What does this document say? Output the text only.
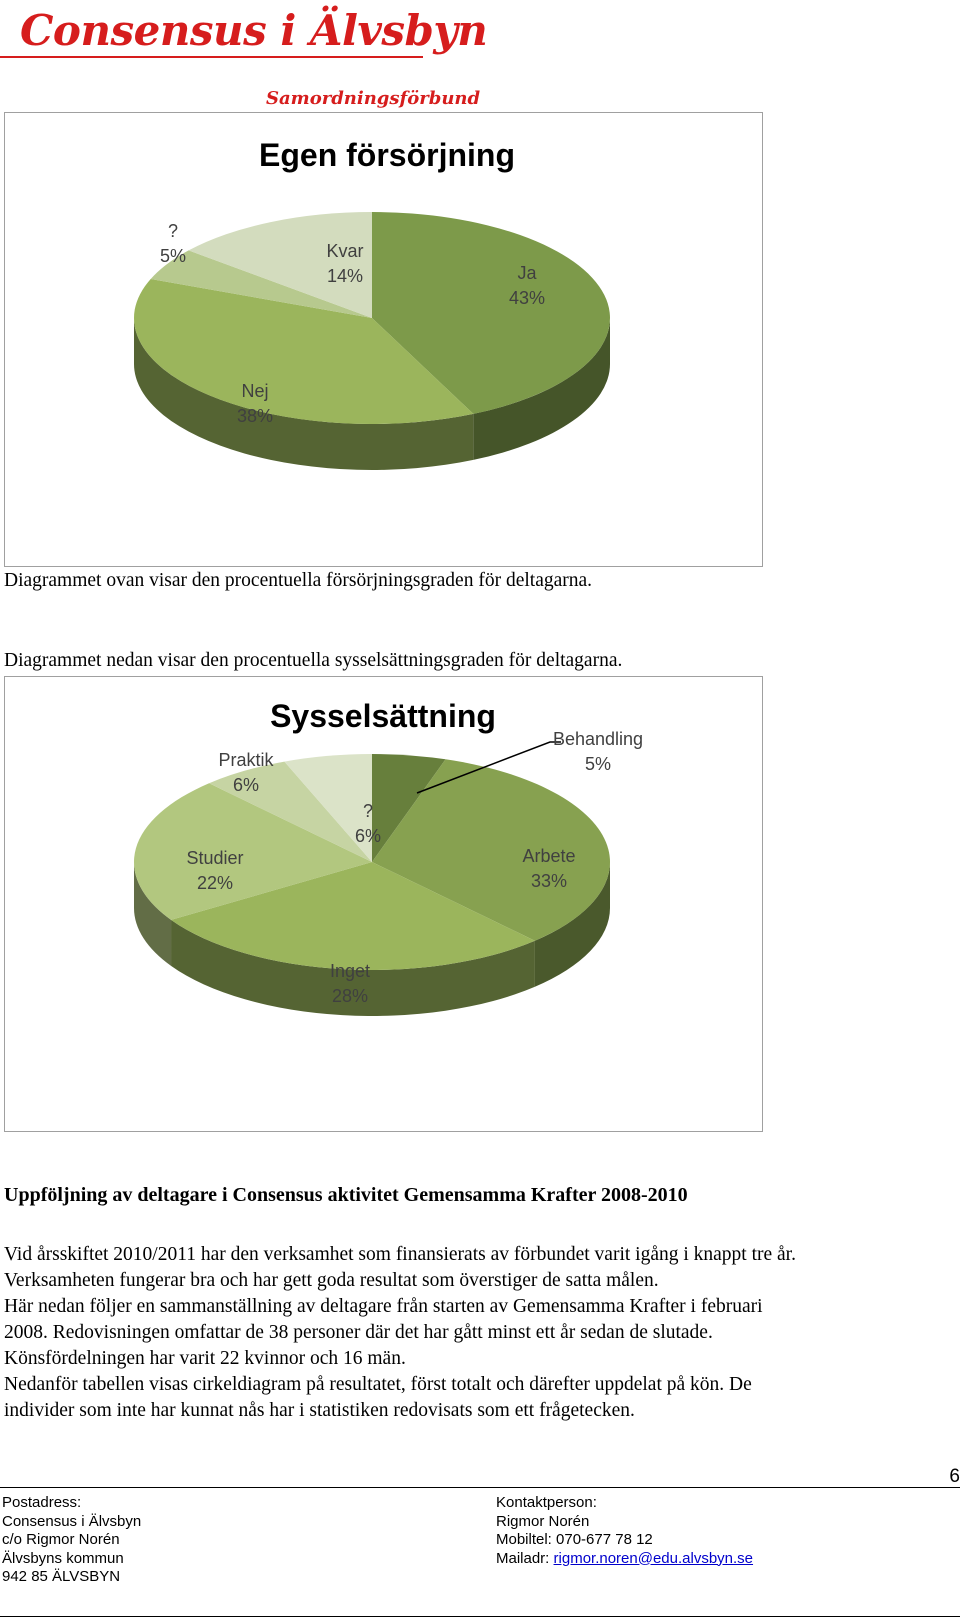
Consensus i Älvsbyn
Samordningsförbund
Egen försörjning
Ja
43%
Nej
38%
?
5%	Kvar
14%
Diagrammet ovan visar den procentuella försörjningsgraden för deltagarna.
Diagrammet nedan visar den procentuella sysselsättningsgraden för deltagarna.
Sysselsättning
Behandling
5%
Arbete
33%
Inget
28%
Studier
22%
Praktik
6%
?
6%
Uppföljning av deltagare i Consensus aktivitet Gemensamma Krafter 2008-2010
Vid årsskiftet 2010/2011 har den verksamhet som finansierats av förbundet varit igång i knappt tre år.
Verksamheten fungerar bra och har gett goda resultat som överstiger de satta målen.
Här nedan följer en sammanställning av deltagare från starten av Gemensamma Krafter i februari
2008. Redovisningen omfattar de 38 personer där det har gått minst ett år sedan de slutade.
Könsfördelningen har varit 22 kvinnor och 16 män.
Nedanför tabellen visas cirkeldiagram på resultatet, först totalt och därefter uppdelat på kön. De
individer som inte har kunnat nås har i statistiken redovisats som ett frågetecken.
6
Postadress:
Consensus i Älvsbyn
c/o Rigmor Norén
Älvsbyns kommun
942 85 ÄLVSBYN
Kontaktperson:
Rigmor Norén
Mobiltel: 070-677 78 12
Mailadr: rigmor.noren@edu.alvsbyn.se
